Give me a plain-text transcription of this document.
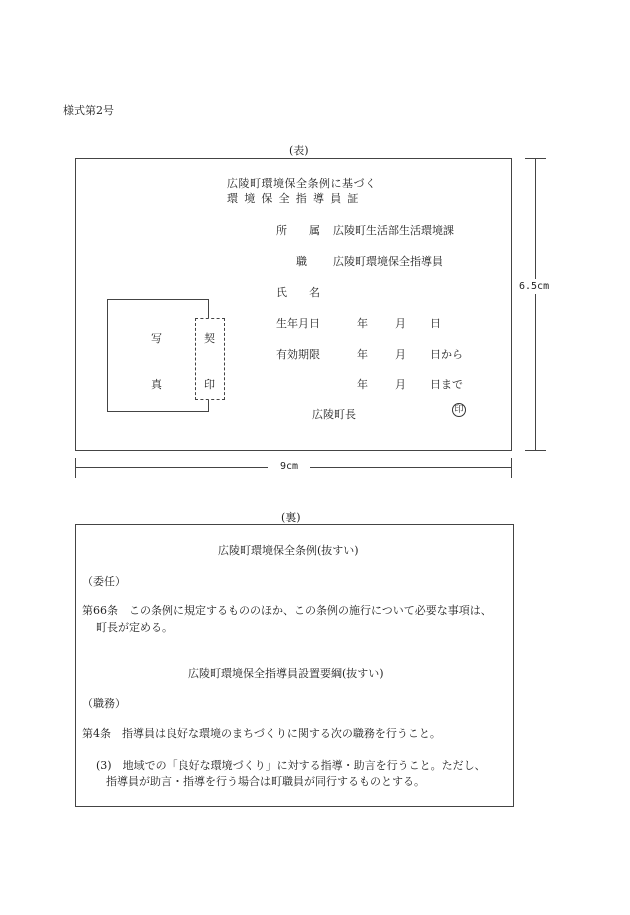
様式第2号
(表)
広陵町環境保全条例に基づく
環境保全指導員証
所　　属 広陵町生活部生活環境課
職 広陵町環境保全指導員
氏　　名
生年月日	年 月 日
有効期限	年 月 日から
年 月 日まで
広陵町長	印
写
真
契
印
6.5cm
9cm
(裏)
広陵町環境保全条例(抜すい)
（委任）
第66条　この条例に規定するもののほか、この条例の施行について必要な事項は、
町長が定める。
広陵町環境保全指導員設置要綱(抜すい)
（職務）
第4条　指導員は良好な環境のまちづくりに関する次の職務を行うこと。
(3)　地域での「良好な環境づくり」に対する指導・助言を行うこと。ただし、
指導員が助言・指導を行う場合は町職員が同行するものとする。
